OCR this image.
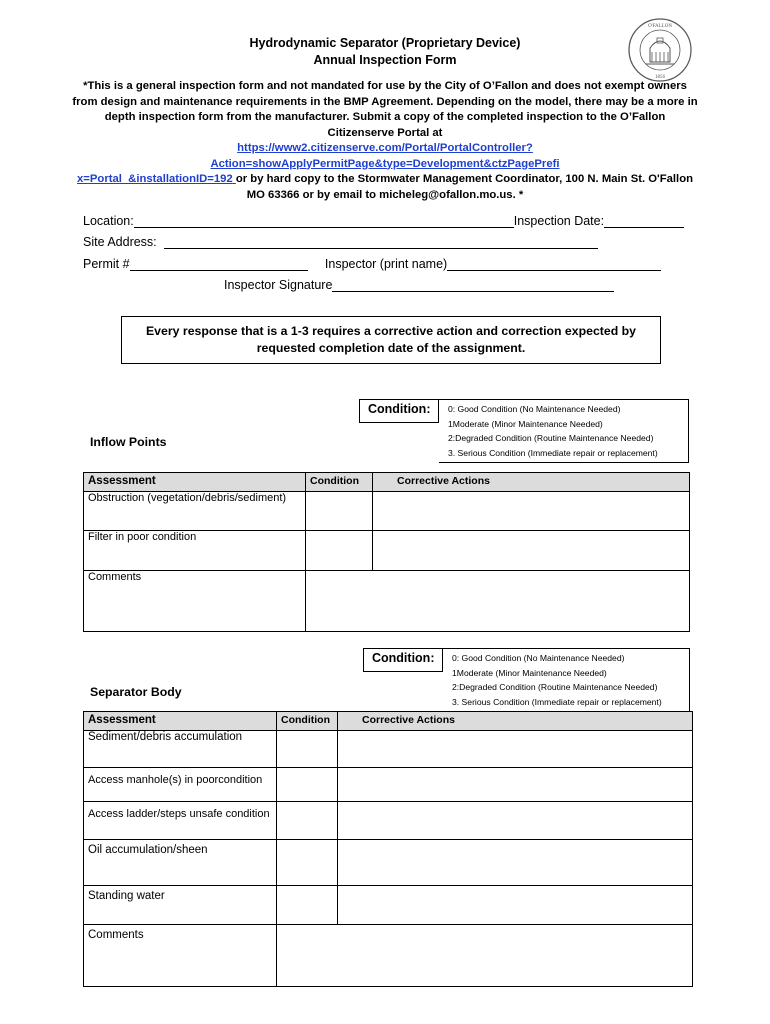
Hydrodynamic Separator (Proprietary Device)
Annual Inspection Form
O'FALLON
1856
*This is a general inspection form and not mandated for use by the City of O’Fallon and does not exempt owners from design and maintenance requirements in the BMP Agreement. Depending on the model, there may be a more in depth inspection form from the manufacturer. Submit a copy of the completed inspection to the O’Fallon Citizenserve Portal at
https://www2.citizenserve.com/Portal/PortalController?Action=showApplyPermitPage&type=Development&ctzPagePrefi
x=Portal_&installationID=192 or by hard copy to the Stormwater Management Coordinator, 100 N. Main St. O'Fallon MO 63366 or by email to micheleg@ofallon.mo.us. *
Location:	Inspection Date:
Site Address:
Permit #	Inspector (print name)
Inspector Signature
Every response that is a 1-3 requires a corrective action and correction expected by requested completion date of the assignment.
Condition:	0: Good Condition (No Maintenance Needed)
1Moderate (Minor Maintenance Needed)
2:Degraded Condition (Routine Maintenance Needed)
3. Serious Condition (Immediate repair or replacement)
Inflow Points
Assessment	Condition	Corrective Actions
Obstruction (vegetation/debris/sediment)		
Filter in poor condition		
Comments		
Condition:	0: Good Condition (No Maintenance Needed)
1Moderate (Minor Maintenance Needed)
2:Degraded Condition (Routine Maintenance Needed)
3. Serious Condition (Immediate repair or replacement)
Separator Body
Assessment	Condition	Corrective Actions
Sediment/debris accumulation		
Access manhole(s) in poorcondition		
Access ladder/steps unsafe condition		
Oil accumulation/sheen		
Standing water		
Comments		
